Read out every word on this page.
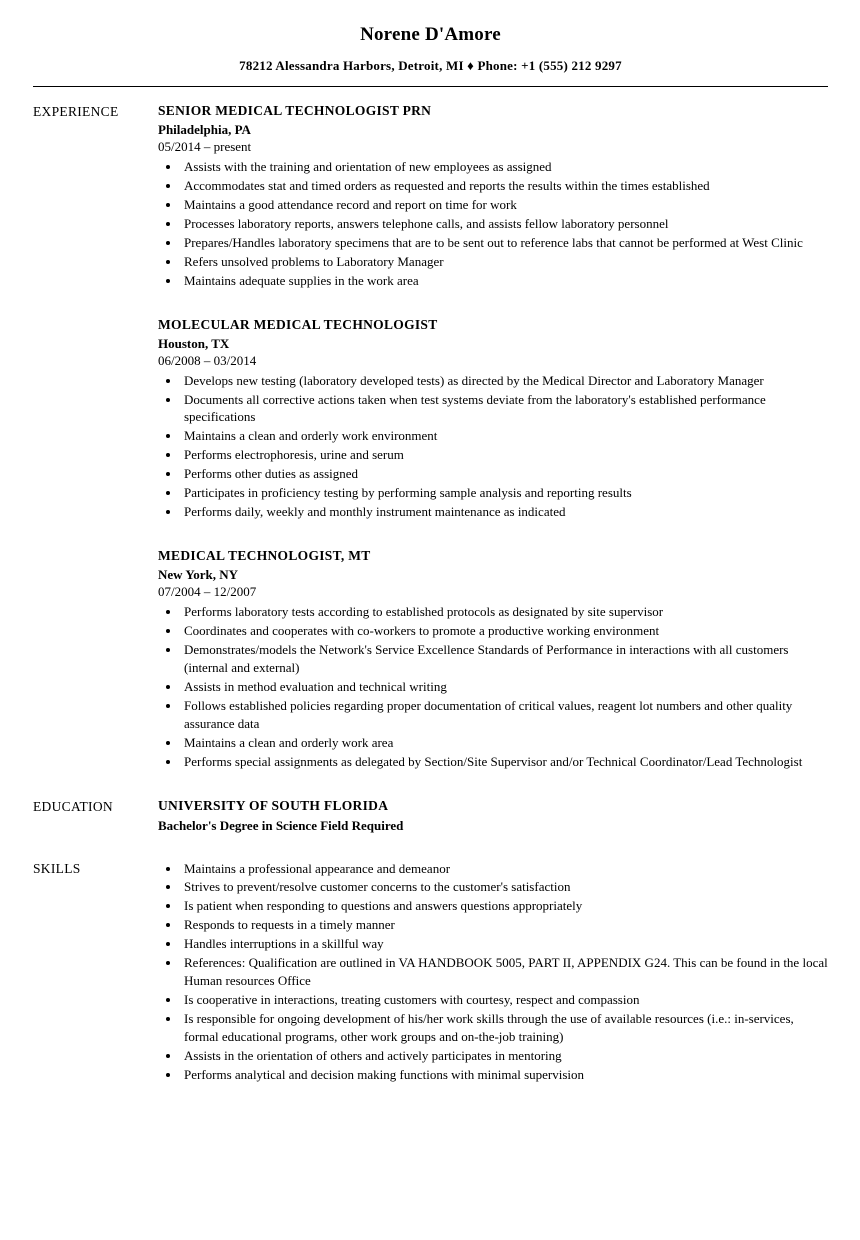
Norene D'Amore
78212 Alessandra Harbors, Detroit, MI ♦ Phone: +1 (555) 212 9297
EXPERIENCE	SENIOR MEDICAL TECHNOLOGIST PRN
Philadelphia, PA
05/2014 – present
• Assists with the training and orientation of new employees as assigned
• Accommodates stat and timed orders as requested and reports the results within the times established
• Maintains a good attendance record and report on time for work
• Processes laboratory reports, answers telephone calls, and assists fellow laboratory personnel
• Prepares/Handles laboratory specimens that are to be sent out to reference labs that cannot be performed at West Clinic
• Refers unsolved problems to Laboratory Manager
• Maintains adequate supplies in the work area
MOLECULAR MEDICAL TECHNOLOGIST
Houston, TX
06/2008 – 03/2014
• Develops new testing (laboratory developed tests) as directed by the Medical Director and Laboratory Manager
• Documents all corrective actions taken when test systems deviate from the laboratory's established performance specifications
• Maintains a clean and orderly work environment
• Performs electrophoresis, urine and serum
• Performs other duties as assigned
• Participates in proficiency testing by performing sample analysis and reporting results
• Performs daily, weekly and monthly instrument maintenance as indicated
MEDICAL TECHNOLOGIST, MT
New York, NY
07/2004 – 12/2007
• Performs laboratory tests according to established protocols as designated by site supervisor
• Coordinates and cooperates with co-workers to promote a productive working environment
• Demonstrates/models the Network's Service Excellence Standards of Performance in interactions with all customers (internal and external)
• Assists in method evaluation and technical writing
• Follows established policies regarding proper documentation of critical values, reagent lot numbers and other quality assurance data
• Maintains a clean and orderly work area
• Performs special assignments as delegated by Section/Site Supervisor and/or Technical Coordinator/Lead Technologist
EDUCATION	UNIVERSITY OF SOUTH FLORIDA
Bachelor's Degree in Science Field Required
SKILLS	• Maintains a professional appearance and demeanor
• Strives to prevent/resolve customer concerns to the customer's satisfaction
• Is patient when responding to questions and answers questions appropriately
• Responds to requests in a timely manner
• Handles interruptions in a skillful way
• References: Qualification are outlined in VA HANDBOOK 5005, PART II, APPENDIX G24. This can be found in the local Human resources Office
• Is cooperative in interactions, treating customers with courtesy, respect and compassion
• Is responsible for ongoing development of his/her work skills through the use of available resources (i.e.: in-services, formal educational programs, other work groups and on-the-job training)
• Assists in the orientation of others and actively participates in mentoring
• Performs analytical and decision making functions with minimal supervision
